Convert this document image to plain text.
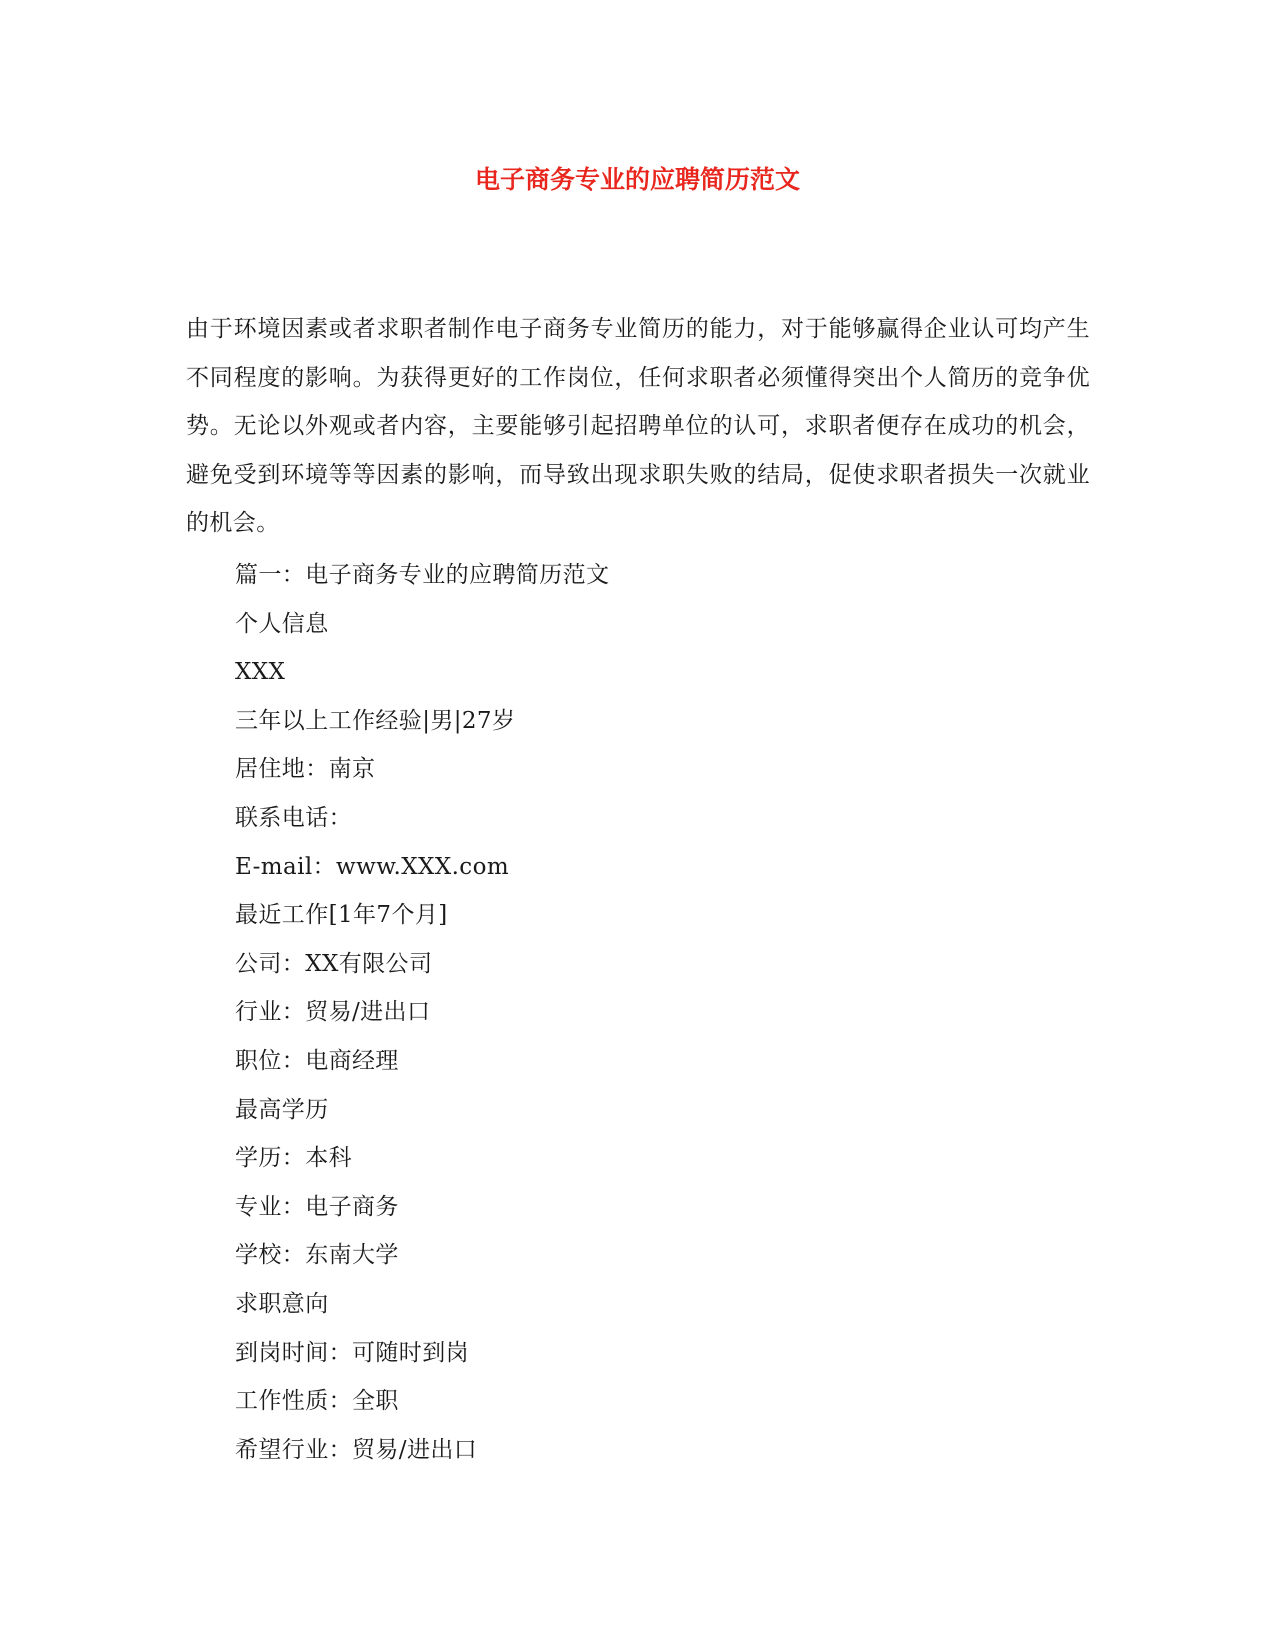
电子商务专业的应聘简历范文

由于环境因素或者求职者制作电子商务专业简历的能力，对于能够赢得企业认可均产生不同程度的影响。为获得更好的工作岗位，任何求职者必须懂得突出个人简历的竞争优势。无论以外观或者内容，主要能够引起招聘单位的认可，求职者便存在成功的机会，避免受到环境等等因素的影响，而导致出现求职失败的结局，促使求职者损失一次就业的机会。

篇一：电子商务专业的应聘简历范文
个人信息
XXX
三年以上工作经验|男|27岁
居住地：南京
联系电话：
E-mail：www.XXX.com
最近工作[1年7个月]
公司：XX有限公司
行业：贸易/进出口
职位：电商经理
最高学历
学历：本科
专业：电子商务
学校：东南大学
求职意向
到岗时间：可随时到岗
工作性质：全职
希望行业：贸易/进出口
